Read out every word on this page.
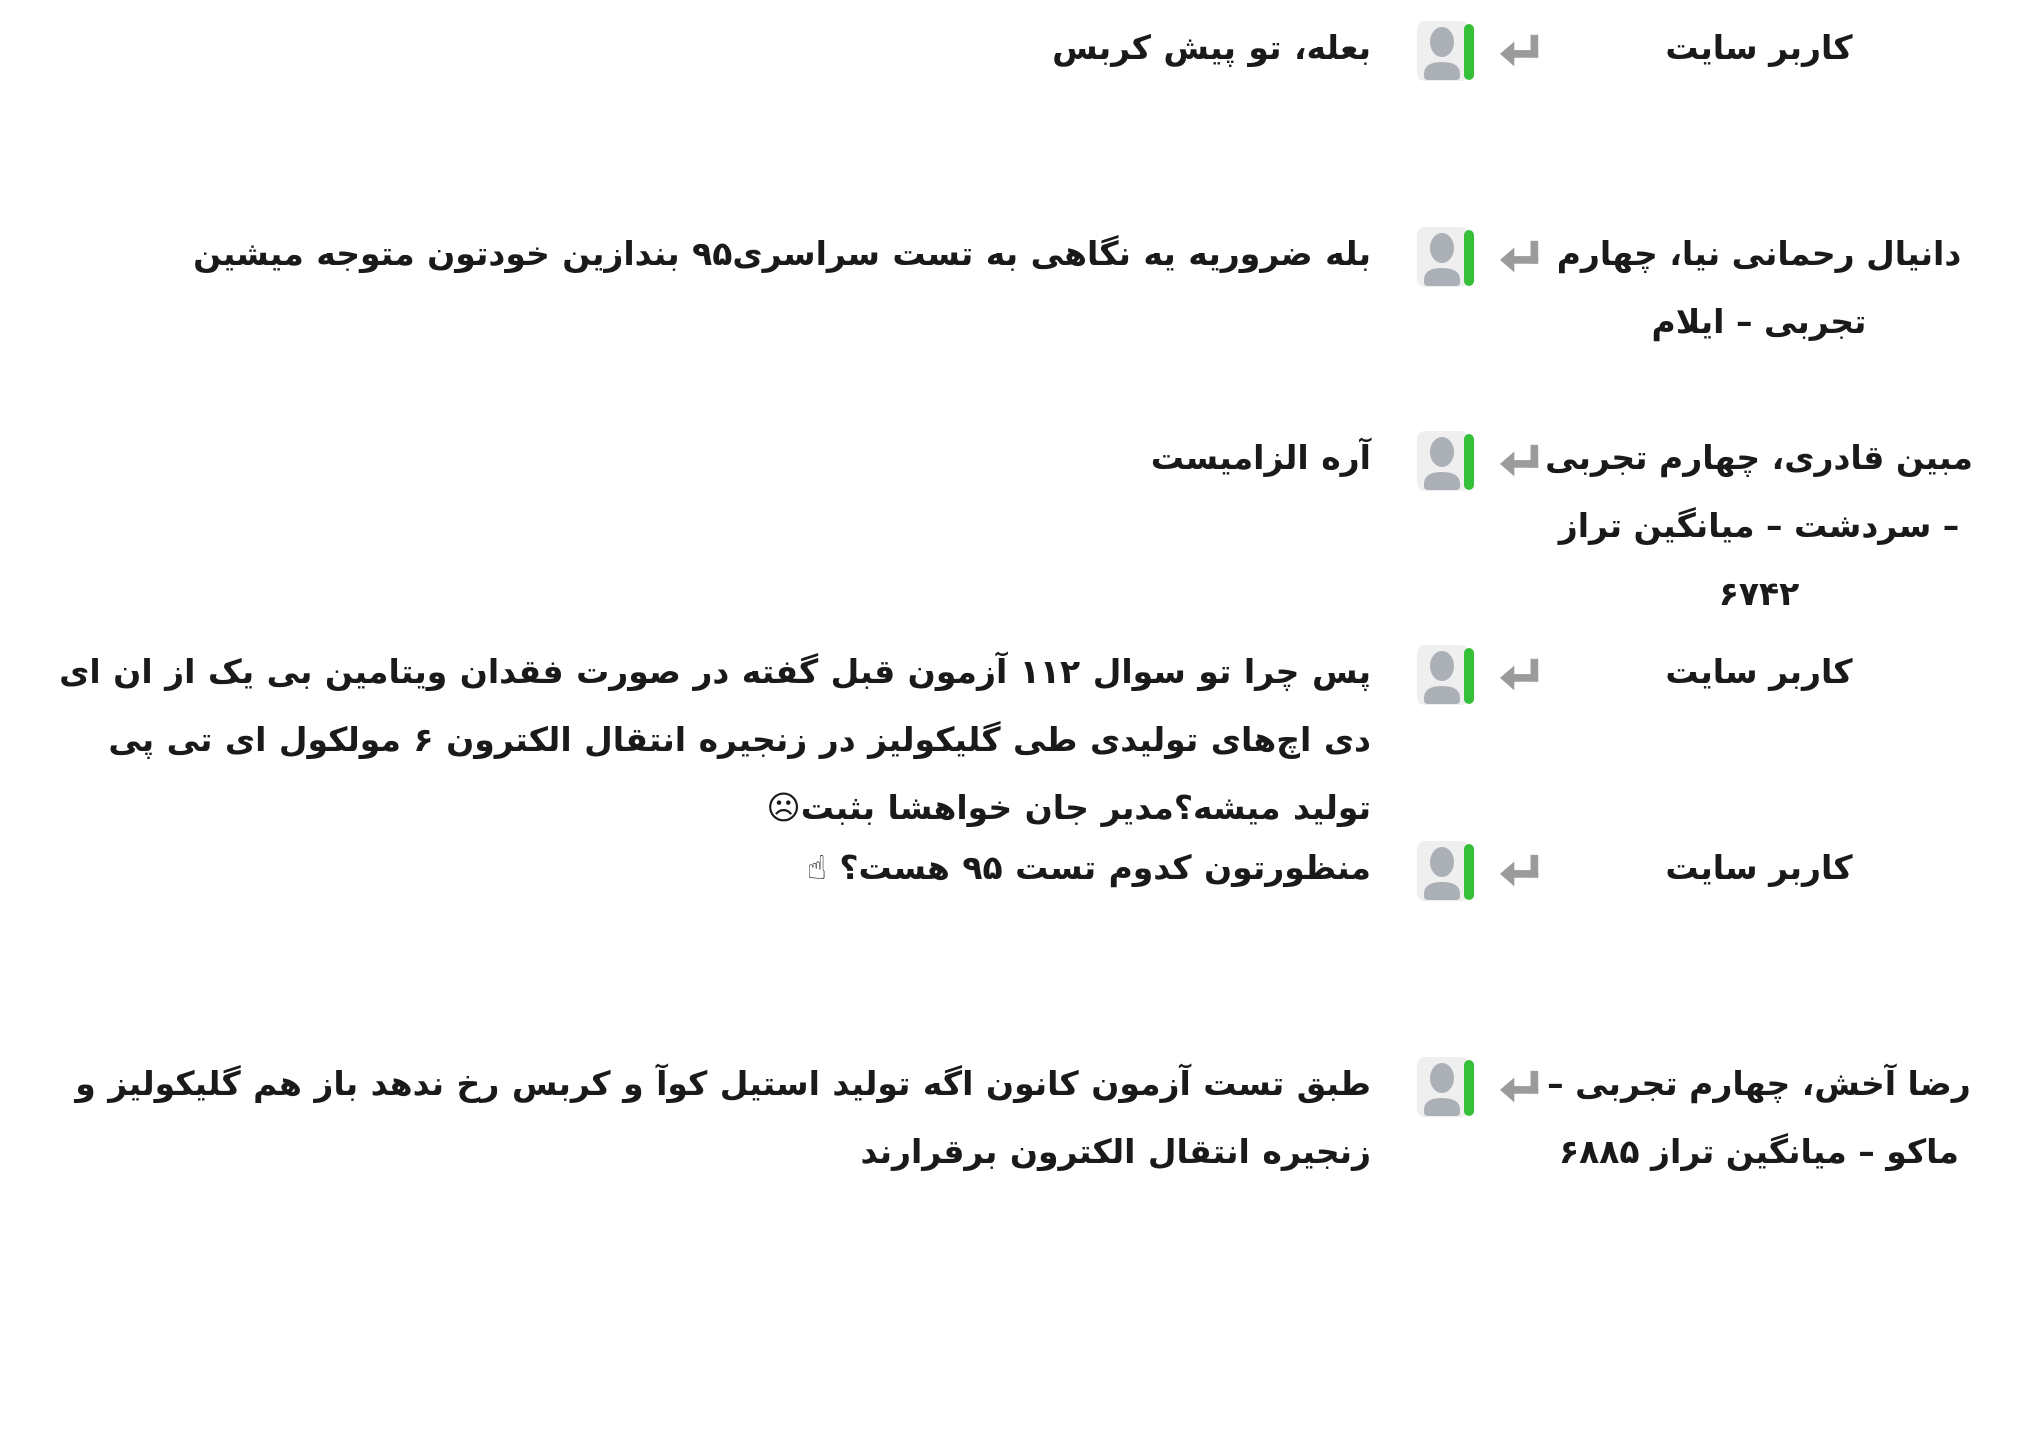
کاربر سایت
بعله، تو پیش کربس
دانیال رحمانی نیا، چهارم تجربی – ایلام
بله ضروریه یه نگاهی به تست سراسری۹۵ بندازین خودتون متوجه میشین
مبین قادری، چهارم تجربی – سردشت – میانگین تراز ۶۷۴۲
آره الزامیست
کاربر سایت
پس چرا تو سوال ۱۱۲ آزمون قبل گفته در صورت فقدان ویتامین بی یک از ان ای دی اچ‌های تولیدی طی گلیکولیز در زنجیره انتقال الکترون ۶ مولکول ای تی پی تولید میشه؟مدیر جان خواهشا بثبت☹
کاربر سایت
منظورتون کدوم تست ۹۵ هست؟ ☝
رضا آخش، چهارم تجربی – ماکو – میانگین تراز ۶۸۸۵
طبق تست آزمون کانون اگه تولید استیل کوآ و کربس رخ ندهد باز هم گلیکولیز و زنجیره انتقال الکترون برقرارند
